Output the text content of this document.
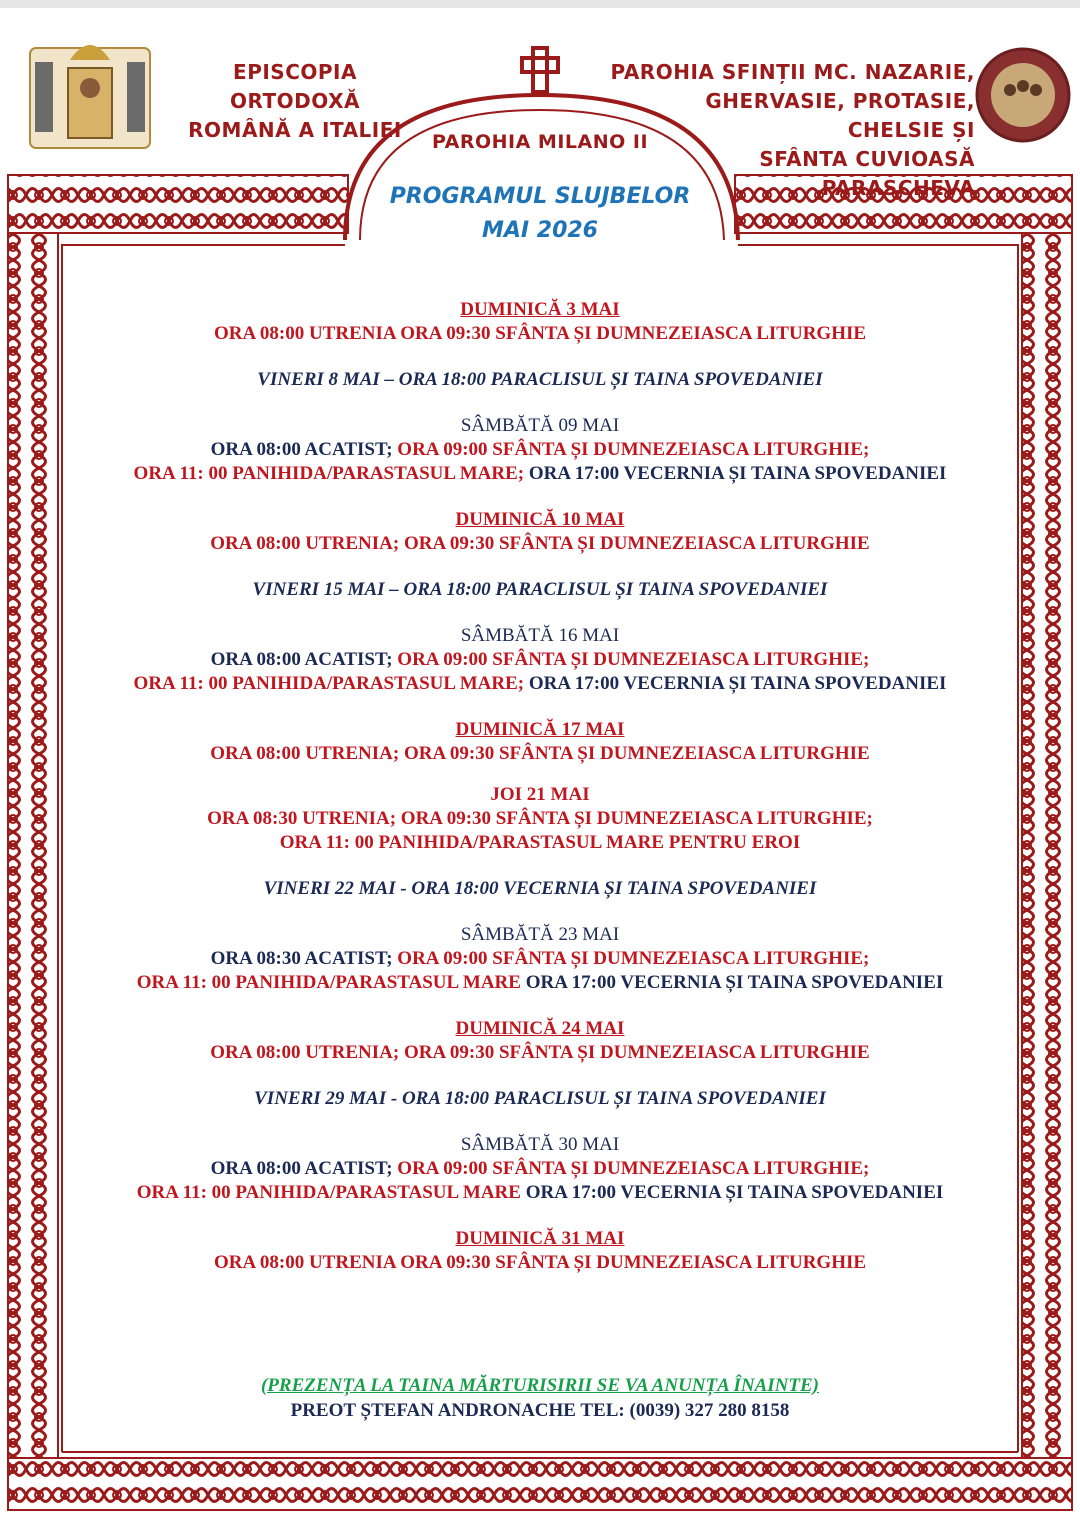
EPISCOPIA ORTODOXĂ
ROMÂNĂ A ITALIEI
PAROHIA SFINȚII MC. NAZARIE,
GHERVASIE, PROTASIE, CHELSIE ȘI
SFÂNTA CUVIOASĂ
PARASCHEVA
PAROHIA MILANO II
PROGRAMUL SLUJBELOR
MAI 2026
DUMINICĂ 3 MAI
ORA 08:00 UTRENIA ORA 09:30 SFÂNTA ȘI DUMNEZEIASCA LITURGHIE
VINERI 8 MAI – ORA 18:00 PARACLISUL ȘI TAINA SPOVEDANIEI
SÂMBĂTĂ 09 MAI
ORA 08:00 ACATIST; ORA 09:00 SFÂNTA ȘI DUMNEZEIASCA LITURGHIE;
ORA 11: 00 PANIHIDA/PARASTASUL MARE; ORA 17:00 VECERNIA ȘI TAINA SPOVEDANIEI
DUMINICĂ 10 MAI
ORA 08:00 UTRENIA; ORA 09:30 SFÂNTA ȘI DUMNEZEIASCA LITURGHIE
VINERI 15 MAI – ORA 18:00 PARACLISUL ȘI TAINA SPOVEDANIEI
SÂMBĂTĂ 16 MAI
ORA 08:00 ACATIST; ORA 09:00 SFÂNTA ȘI DUMNEZEIASCA LITURGHIE;
ORA 11: 00 PANIHIDA/PARASTASUL MARE; ORA 17:00 VECERNIA ȘI TAINA SPOVEDANIEI
DUMINICĂ 17 MAI
ORA 08:00 UTRENIA; ORA 09:30 SFÂNTA ȘI DUMNEZEIASCA LITURGHIE
JOI 21 MAI
ORA 08:30 UTRENIA; ORA 09:30 SFÂNTA ȘI DUMNEZEIASCA LITURGHIE;
ORA 11: 00 PANIHIDA/PARASTASUL MARE PENTRU EROI
VINERI 22 MAI - ORA 18:00 VECERNIA ȘI TAINA SPOVEDANIEI
SÂMBĂTĂ 23 MAI
ORA 08:30 ACATIST; ORA 09:00 SFÂNTA ȘI DUMNEZEIASCA LITURGHIE;
ORA 11: 00 PANIHIDA/PARASTASUL MARE ORA 17:00 VECERNIA ȘI TAINA SPOVEDANIEI
DUMINICĂ 24 MAI
ORA 08:00 UTRENIA; ORA 09:30 SFÂNTA ȘI DUMNEZEIASCA LITURGHIE
VINERI 29 MAI - ORA 18:00 PARACLISUL ȘI TAINA SPOVEDANIEI
SÂMBĂTĂ 30 MAI
ORA 08:00 ACATIST; ORA 09:00 SFÂNTA ȘI DUMNEZEIASCA LITURGHIE;
ORA 11: 00 PANIHIDA/PARASTASUL MARE ORA 17:00 VECERNIA ȘI TAINA SPOVEDANIEI
DUMINICĂ 31 MAI
ORA 08:00 UTRENIA ORA 09:30 SFÂNTA ȘI DUMNEZEIASCA LITURGHIE
(PREZENȚA LA TAINA MĂRTURISIRII SE VA ANUNȚA ÎNAINTE)
PREOT ȘTEFAN ANDRONACHE TEL: (0039) 327 280 8158
